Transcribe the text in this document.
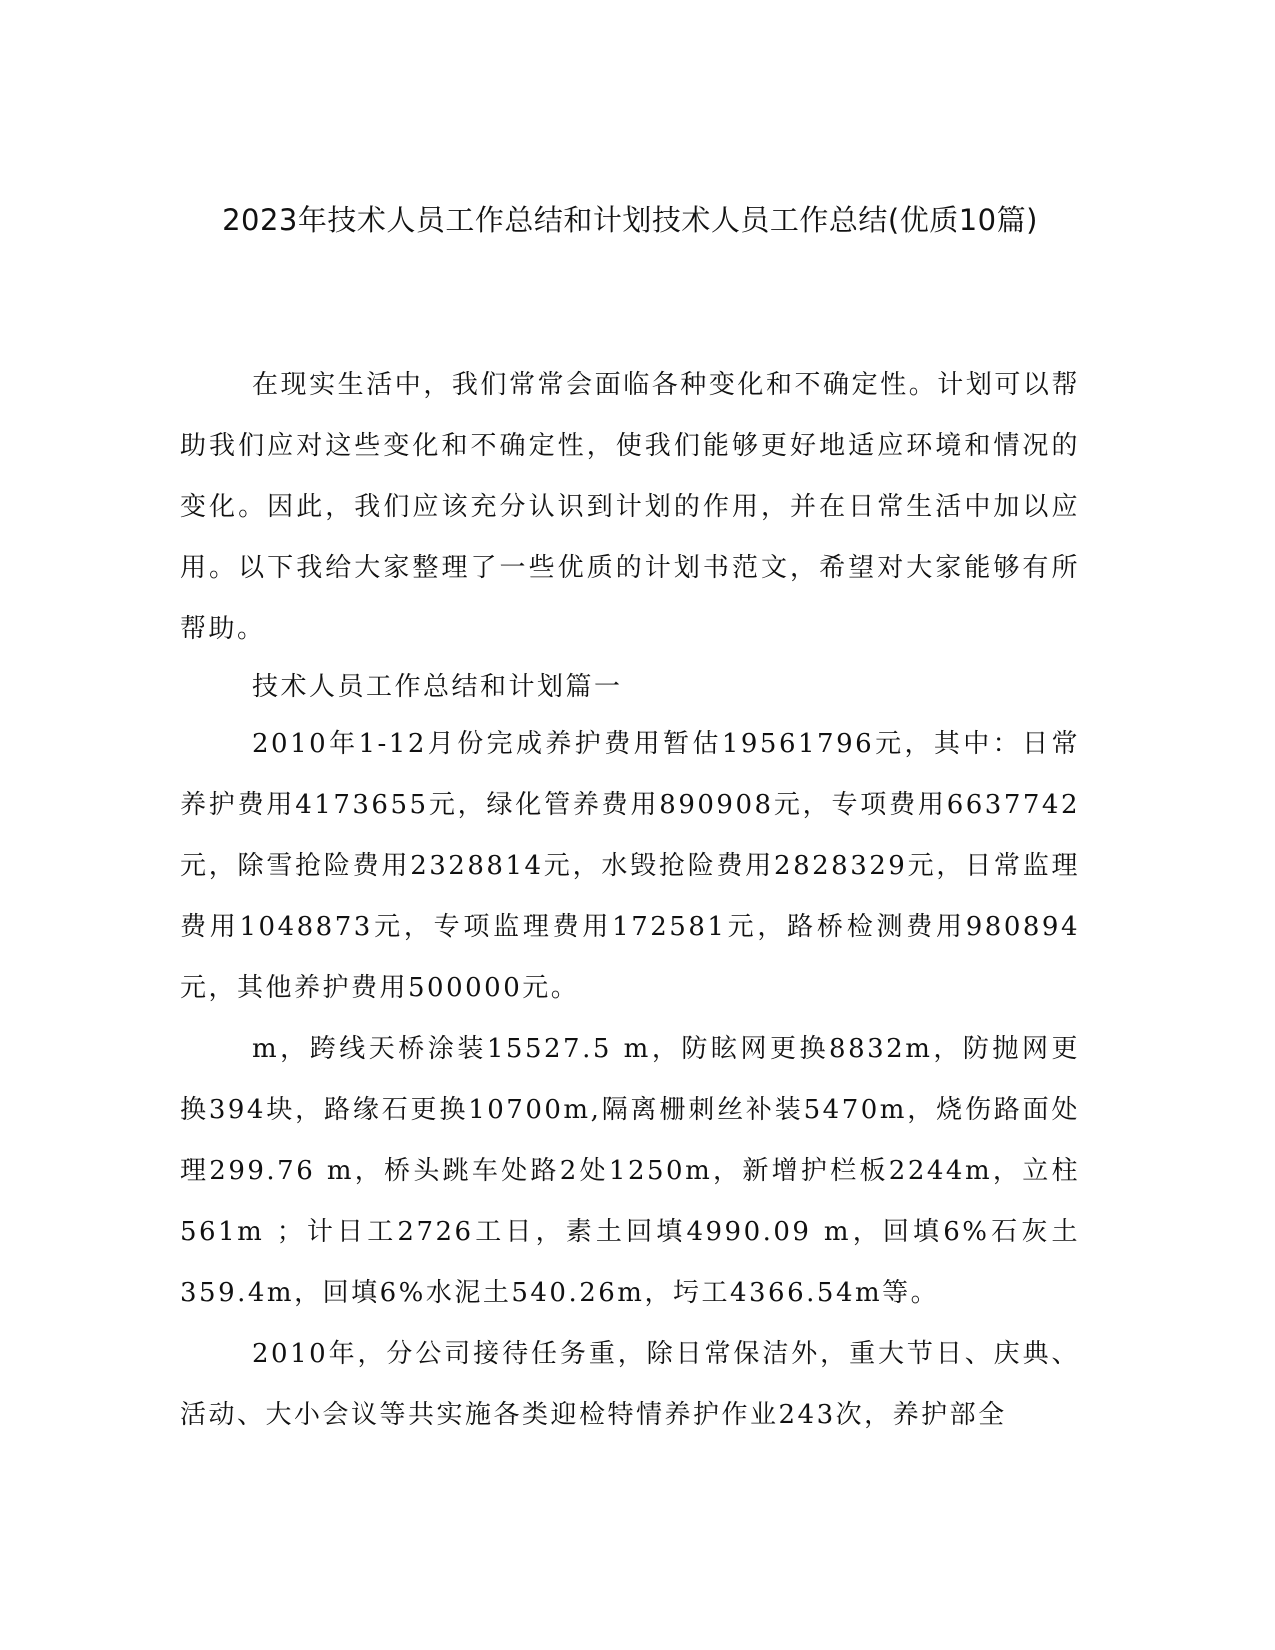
2023年技术人员工作总结和计划技术人员工作总结(优质10篇)

在现实生活中，我们常常会面临各种变化和不确定性。计划可以帮助我们应对这些变化和不确定性，使我们能够更好地适应环境和情况的变化。因此，我们应该充分认识到计划的作用，并在日常生活中加以应用。以下我给大家整理了一些优质的计划书范文，希望对大家能够有所帮助。

技术人员工作总结和计划篇一

2010年1-12月份完成养护费用暂估19561796元，其中：日常养护费用4173655元，绿化管养费用890908元，专项费用6637742元，除雪抢险费用2328814元，水毁抢险费用2828329元，日常监理费用1048873元，专项监理费用172581元，路桥检测费用980894元，其他养护费用500000元。

m，跨线天桥涂装15527.5 m，防眩网更换8832m，防抛网更换394块，路缘石更换10700m,隔离栅刺丝补装5470m，烧伤路面处理299.76 m，桥头跳车处路2处1250m，新增护栏板2244m，立柱561m ；计日工2726工日，素土回填4990.09 m，回填6%石灰土359.4m，回填6%水泥土540.26m，圬工4366.54m等。

2010年，分公司接待任务重，除日常保洁外，重大节日、庆典、活动、大小会议等共实施各类迎检特情养护作业243次，养护部全
